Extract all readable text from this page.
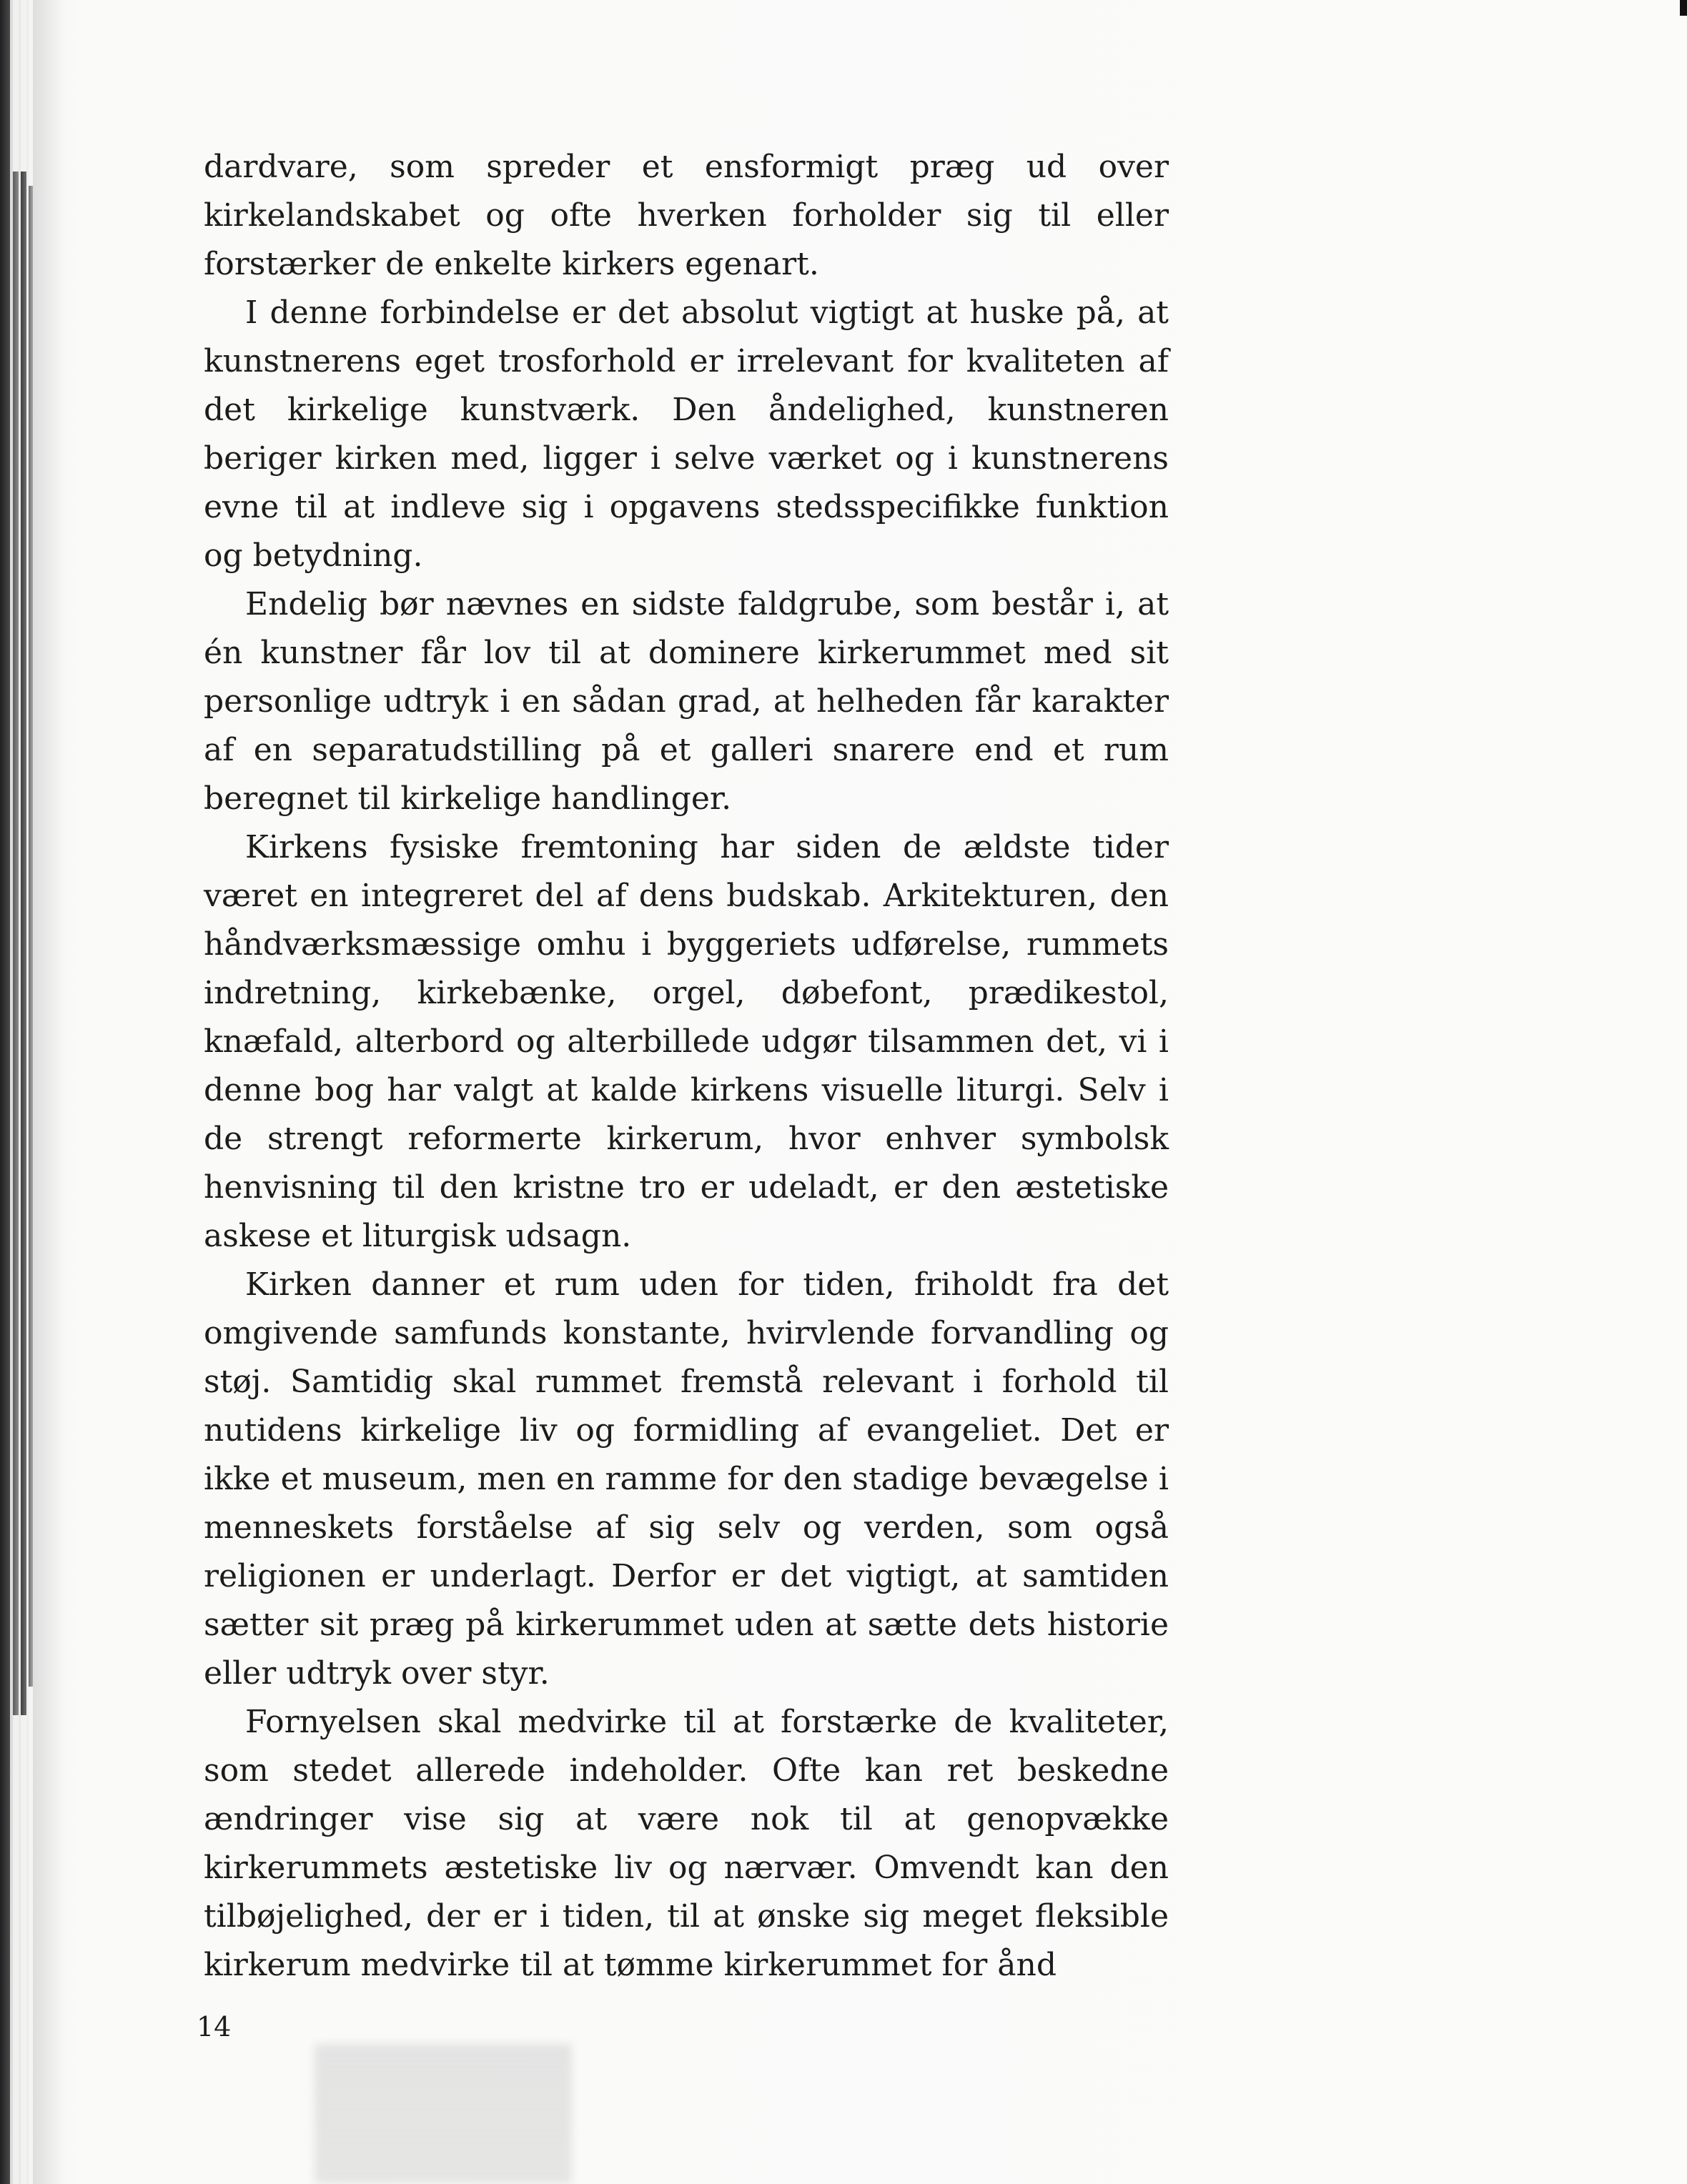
dardvare, som spreder et ensformigt præg ud over kirkelandskabet og ofte hverken forholder sig til eller forstærker de enkelte kirkers egenart.

I denne forbindelse er det absolut vigtigt at huske på, at kunstnerens eget trosforhold er irrelevant for kvaliteten af det kirkelige kunstværk. Den åndelighed, kunstneren beriger kirken med, ligger i selve værket og i kunstnerens evne til at indleve sig i opgavens stedsspecifikke funktion og betydning.

Endelig bør nævnes en sidste faldgrube, som består i, at én kunstner får lov til at dominere kirkerummet med sit personlige udtryk i en sådan grad, at helheden får karakter af en separatudstilling på et galleri snarere end et rum beregnet til kirkelige handlinger.

Kirkens fysiske fremtoning har siden de ældste tider været en integreret del af dens budskab. Arkitekturen, den håndværksmæssige omhu i byggeriets udførelse, rummets indretning, kirkebænke, orgel, døbefont, prædikestol, knæfald, alterbord og alterbillede udgør tilsammen det, vi i denne bog har valgt at kalde kirkens visuelle liturgi. Selv i de strengt reformerte kirkerum, hvor enhver symbolsk henvisning til den kristne tro er udeladt, er den æstetiske askese et liturgisk udsagn.

Kirken danner et rum uden for tiden, friholdt fra det omgivende samfunds konstante, hvirvlende forvandling og støj. Samtidig skal rummet fremstå relevant i forhold til nutidens kirkelige liv og formidling af evangeliet. Det er ikke et museum, men en ramme for den stadige bevægelse i menneskets forståelse af sig selv og verden, som også religionen er underlagt. Derfor er det vigtigt, at samtiden sætter sit præg på kirkerummet uden at sætte dets historie eller udtryk over styr.

Fornyelsen skal medvirke til at forstærke de kvaliteter, som stedet allerede indeholder. Ofte kan ret beskedne ændringer vise sig at være nok til at genopvække kirkerummets æstetiske liv og nærvær. Omvendt kan den tilbøjelighed, der er i tiden, til at ønske sig meget fleksible kirkerum medvirke til at tømme kirkerummet for ånd

14
